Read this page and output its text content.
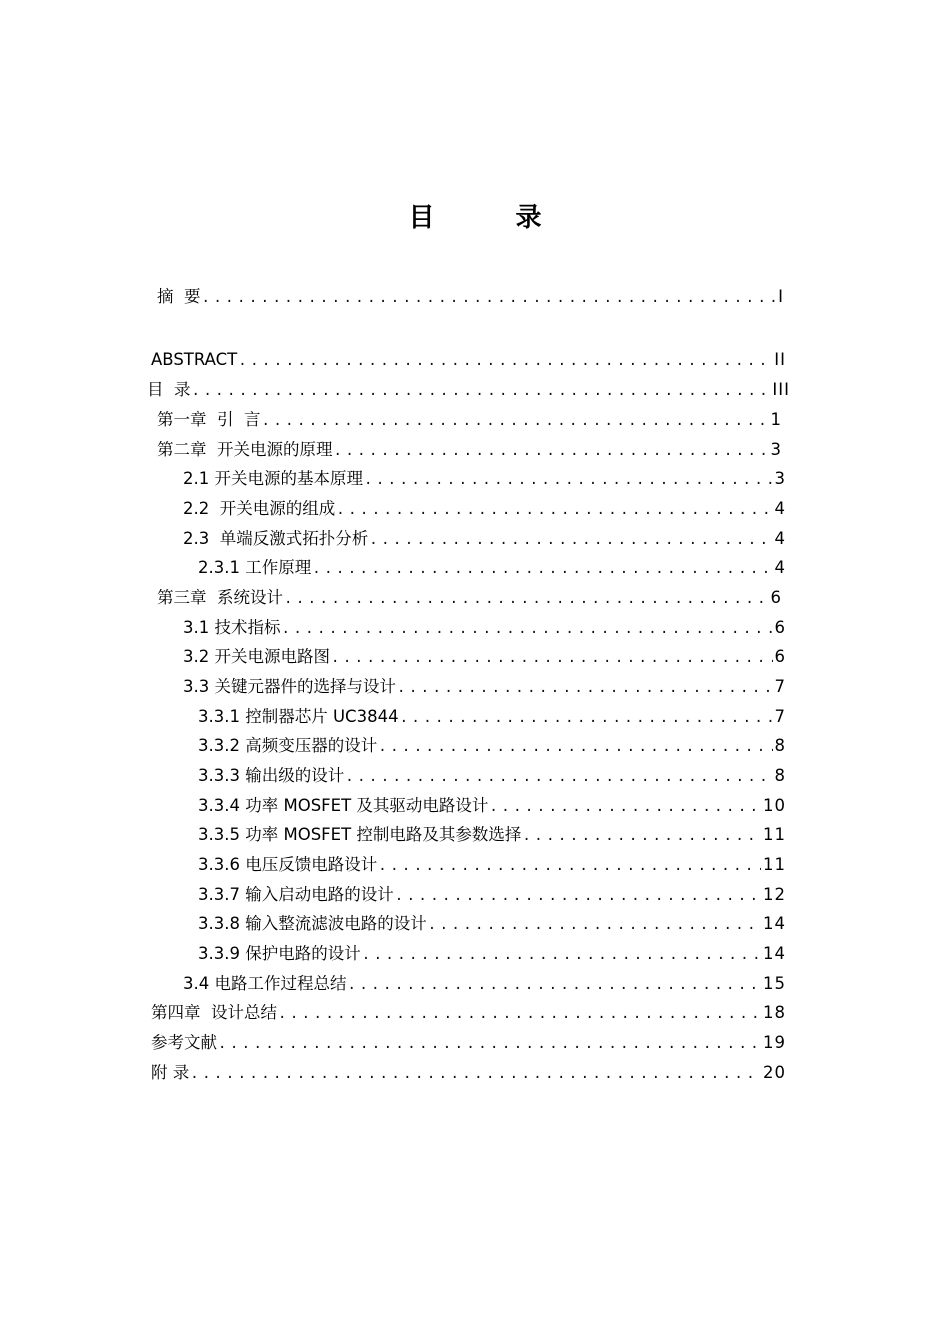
目 录
摘  要 .....	I
ABSTRACT .....	II
目  录 .....	III
第一章  引  言 .....	1
第二章  开关电源的原理 .....	3
2.1 开关电源的基本原理 .....	3
2.2  开关电源的组成 .....	4
2.3  单端反激式拓扑分析 .....	4
2.3.1 工作原理 .....	4
第三章  系统设计 .....	6
3.1 技术指标 .....	6
3.2 开关电源电路图 .....	6
3.3 关键元器件的选择与设计 .....	7
3.3.1 控制器芯片 UC3844 .....	7
3.3.2 高频变压器的设计 .....	8
3.3.3 输出级的设计 .....	8
3.3.4 功率 MOSFET 及其驱动电路设计 .....	10
3.3.5 功率 MOSFET 控制电路及其参数选择 .....	11
3.3.6 电压反馈电路设计 .....	11
3.3.7 输入启动电路的设计 .....	12
3.3.8 输入整流滤波电路的设计 .....	14
3.3.9 保护电路的设计 .....	14
3.4 电路工作过程总结 .....	15
第四章  设计总结 .....	18
参考文献 .....	19
附 录 .....	20
